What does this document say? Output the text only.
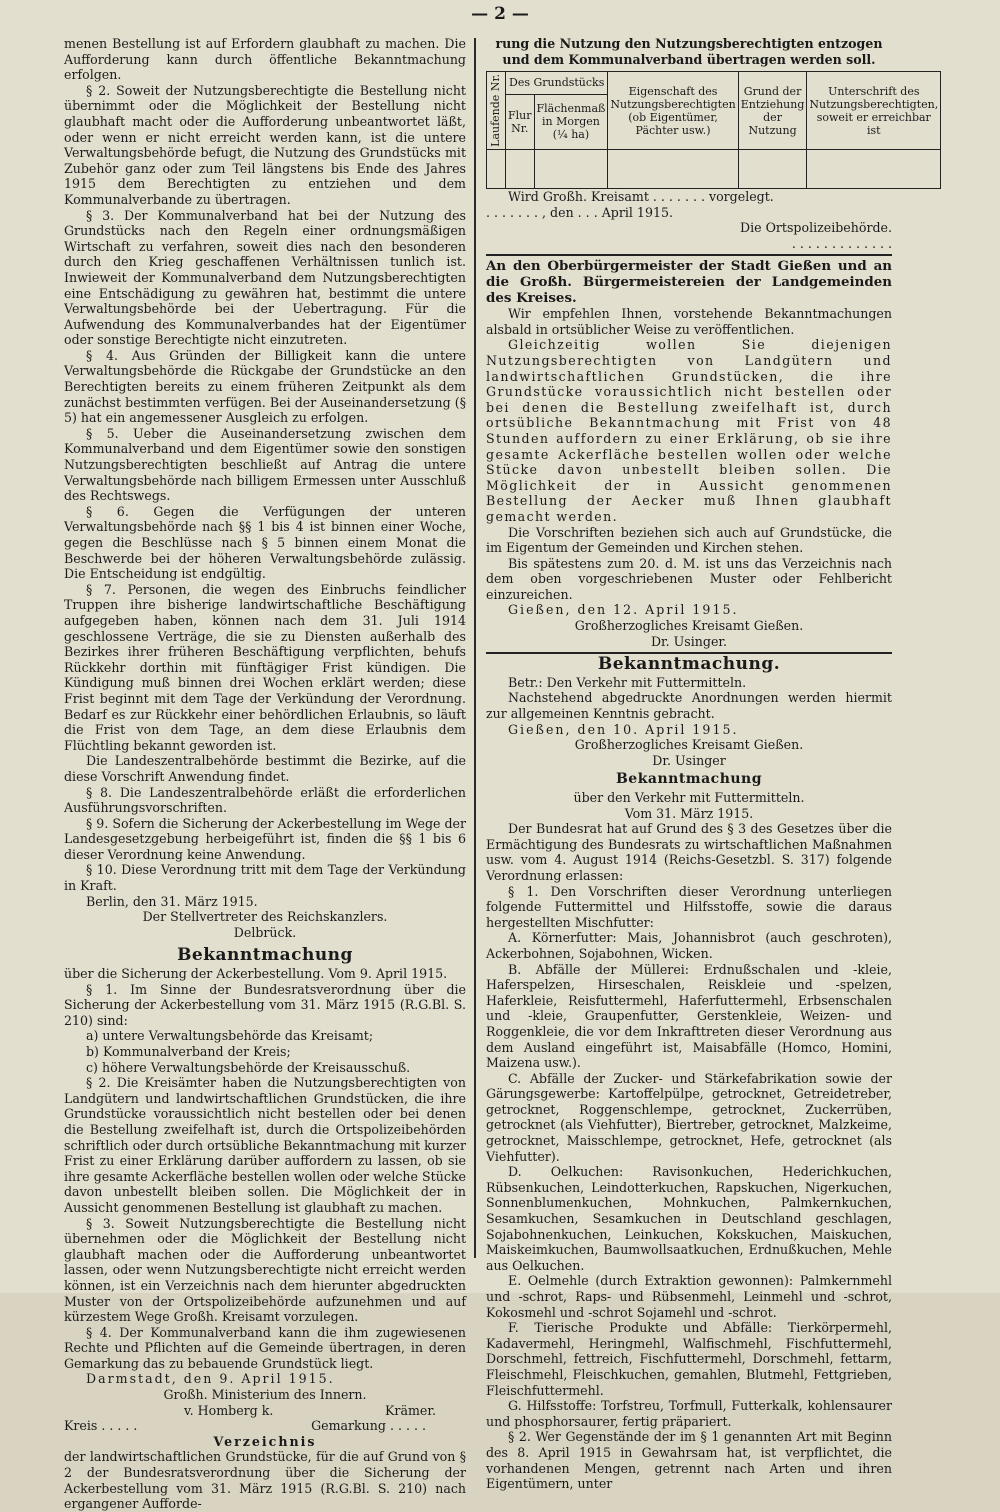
— 2 —

menen Bestellung ist auf Erfordern glaubhaft zu machen. Die Aufforderung kann durch öffentliche Bekanntmachung erfolgen.

§ 2. Soweit der Nutzungsberechtigte die Bestellung nicht übernimmt oder die Möglichkeit der Bestellung nicht glaubhaft macht oder die Aufforderung unbeantwortet läßt, oder wenn er nicht erreicht werden kann, ist die untere Verwaltungsbehörde befugt, die Nutzung des Grundstücks mit Zubehör ganz oder zum Teil längstens bis Ende des Jahres 1915 dem Berechtigten zu entziehen und dem Kommunalverbande zu übertragen.

§ 3. Der Kommunalverband hat bei der Nutzung des Grundstücks nach den Regeln einer ordnungsmäßigen Wirtschaft zu verfahren, soweit dies nach den besonderen durch den Krieg geschaffenen Verhältnissen tunlich ist. Inwieweit der Kommunalverband dem Nutzungsberechtigten eine Entschädigung zu gewähren hat, bestimmt die untere Verwaltungsbehörde bei der Uebertragung. Für die Aufwendung des Kommunalverbandes hat der Eigentümer oder sonstige Berechtigte nicht einzutreten.

§ 4. Aus Gründen der Billigkeit kann die untere Verwaltungsbehörde die Rückgabe der Grundstücke an den Berechtigten bereits zu einem früheren Zeitpunkt als dem zunächst bestimmten verfügen. Bei der Auseinandersetzung (§ 5) hat ein angemessener Ausgleich zu erfolgen.

§ 5. Ueber die Auseinandersetzung zwischen dem Kommunalverband und dem Eigentümer sowie den sonstigen Nutzungsberechtigten beschließt auf Antrag die untere Verwaltungsbehörde nach billigem Ermessen unter Ausschluß des Rechtswegs.

§ 6. Gegen die Verfügungen der unteren Verwaltungsbehörde nach §§ 1 bis 4 ist binnen einer Woche, gegen die Beschlüsse nach § 5 binnen einem Monat die Beschwerde bei der höheren Verwaltungsbehörde zulässig. Die Entscheidung ist endgültig.

§ 7. Personen, die wegen des Einbruchs feindlicher Truppen ihre bisherige landwirtschaftliche Beschäftigung aufgegeben haben, können nach dem 31. Juli 1914 geschlossene Verträge, die sie zu Diensten außerhalb des Bezirkes ihrer früheren Beschäftigung verpflichten, behufs Rückkehr dorthin mit fünftägiger Frist kündigen. Die Kündigung muß binnen drei Wochen erklärt werden; diese Frist beginnt mit dem Tage der Verkündung der Verordnung. Bedarf es zur Rückkehr einer behördlichen Erlaubnis, so läuft die Frist von dem Tage, an dem diese Erlaubnis dem Flüchtling bekannt geworden ist.

Die Landeszentralbehörde bestimmt die Bezirke, auf die diese Vorschrift Anwendung findet.

§ 8. Die Landeszentralbehörde erläßt die erforderlichen Ausführungsvorschriften.

§ 9. Sofern die Sicherung der Ackerbestellung im Wege der Landesgesetzgebung herbeigeführt ist, finden die §§ 1 bis 6 dieser Verordnung keine Anwendung.

§ 10. Diese Verordnung tritt mit dem Tage der Verkündung in Kraft.

Berlin, den 31. März 1915.

Der Stellvertreter des Reichskanzlers.

Delbrück.

Bekanntmachung

über die Sicherung der Ackerbestellung. Vom 9. April 1915.

§ 1. Im Sinne der Bundesratsverordnung über die Sicherung der Ackerbestellung vom 31. März 1915 (R.G.Bl. S. 210) sind:

a) untere Verwaltungsbehörde das Kreisamt;

b) Kommunalverband der Kreis;

c) höhere Verwaltungsbehörde der Kreisausschuß.

§ 2. Die Kreisämter haben die Nutzungsberechtigten von Landgütern und landwirtschaftlichen Grundstücken, die ihre Grundstücke voraussichtlich nicht bestellen oder bei denen die Bestellung zweifelhaft ist, durch die Ortspolizeibehörden schriftlich oder durch ortsübliche Bekanntmachung mit kurzer Frist zu einer Erklärung darüber auffordern zu lassen, ob sie ihre gesamte Ackerfläche bestellen wollen oder welche Stücke davon unbestellt bleiben sollen. Die Möglichkeit der in Aussicht genommenen Bestellung ist glaubhaft zu machen.

§ 3. Soweit Nutzungsberechtigte die Bestellung nicht übernehmen oder die Möglichkeit der Bestellung nicht glaubhaft machen oder die Aufforderung unbeantwortet lassen, oder wenn Nutzungsberechtigte nicht erreicht werden können, ist ein Verzeichnis nach dem hierunter abgedruckten Muster von der Ortspolizeibehörde aufzunehmen und auf kürzestem Wege Großh. Kreisamt vorzulegen.

§ 4. Der Kommunalverband kann die ihm zugewiesenen Rechte und Pflichten auf die Gemeinde übertragen, in deren Gemarkung das zu bebauende Grundstück liegt.

Darmstadt, den 9. April 1915.

Großh. Ministerium des Innern.

v. Homberg k.	Krämer.

Kreis . . . . .	Gemarkung . . . . .

Verzeichnis

der landwirtschaftlichen Grundstücke, für die auf Grund von § 2 der Bundesratsverordnung über die Sicherung der Ackerbestellung vom 31. März 1915 (R.G.Bl. S. 210) nach ergangener Auffordе-

rung die Nutzung den Nutzungsberechtigten entzogen und dem Kommunalverband übertragen werden soll.

Laufende Nr.	Des Grundstücks		Eigenschaft des Nutzungsberechtigten (ob Eigentümer, Pächter usw.)	Grund der Entziehung der Nutzung	Unterschrift des Nutzungsberechtigten, soweit er erreichbar ist
	Flur Nr.	Flächenmaß in Morgen (¼ ha)			

Wird Großh. Kreisamt . . . . . . . vorgelegt.

. . . . . . . , den . . . April 1915.

Die Ortspolizeibehörde.

. . . . . . . . . . . . .

An den Oberbürgermeister der Stadt Gießen und an die Großh. Bürgermeistereien der Landgemeinden des Kreises.

Wir empfehlen Ihnen, vorstehende Bekanntmachungen alsbald in ortsüblicher Weise zu veröffentlichen.

Gleichzeitig wollen Sie diejenigen Nutzungsberechtigten von Landgütern und landwirtschaftlichen Grundstücken, die ihre Grundstücke voraussichtlich nicht bestellen oder bei denen die Bestellung zweifelhaft ist, durch ortsübliche Bekanntmachung mit Frist von 48 Stunden auffordern zu einer Erklärung, ob sie ihre gesamte Ackerfläche bestellen wollen oder welche Stücke davon unbestellt bleiben sollen. Die Möglichkeit der in Aussicht genommenen Bestellung der Aecker muß Ihnen glaubhaft gemacht werden.

Die Vorschriften beziehen sich auch auf Grundstücke, die im Eigentum der Gemeinden und Kirchen stehen.

Bis spätestens zum 20. d. M. ist uns das Verzeichnis nach dem oben vorgeschriebenen Muster oder Fehlbericht einzureichen.

Gießen, den 12. April 1915.

Großherzogliches Kreisamt Gießen.

Dr. Usinger.

Bekanntmachung.

Betr.: Den Verkehr mit Futtermitteln.

Nachstehend abgedruckte Anordnungen werden hiermit zur allgemeinen Kenntnis gebracht.

Gießen, den 10. April 1915.

Großherzogliches Kreisamt Gießen.

Dr. Usinger

Bekanntmachung

über den Verkehr mit Futtermitteln.

Vom 31. März 1915.

Der Bundesrat hat auf Grund des § 3 des Gesetzes über die Ermächtigung des Bundesrats zu wirtschaftlichen Maßnahmen usw. vom 4. August 1914 (Reichs-Gesetzbl. S. 317) folgende Verordnung erlassen:

§ 1. Den Vorschriften dieser Verordnung unterliegen folgende Futtermittel und Hilfsstoffe, sowie die daraus hergestellten Mischfutter:

A. Körnerfutter: Mais, Johannisbrot (auch geschroten), Ackerbohnen, Sojabohnen, Wicken.

B. Abfälle der Müllerei: Erdnußschalen und -kleie, Haferspelzen, Hirseschalen, Reiskleie und -spelzen, Haferkleie, Reisfuttermehl, Haferfuttermehl, Erbsenschalen und -kleie, Graupenfutter, Gerstenkleie, Weizen- und Roggenkleie, die vor dem Inkrafttreten dieser Verordnung aus dem Ausland eingeführt ist, Maisabfälle (Homco, Homini, Maizena usw.).

C. Abfälle der Zucker- und Stärkefabrikation sowie der Gärungsgewerbe: Kartoffelpülpe, getrocknet, Getreidetreber, getrocknet, Roggenschlempe, getrocknet, Zuckerrüben, getrocknet (als Viehfutter), Biertreber, getrocknet, Malzkeime, getrocknet, Maisschlempe, getrocknet, Hefe, getrocknet (als Viehfutter).

D. Oelkuchen: Ravisonkuchen, Hederichkuchen, Rübsenkuchen, Leindotterkuchen, Rapskuchen, Nigerkuchen, Sonnenblumenkuchen, Mohnkuchen, Palmkernkuchen, Sesamkuchen, Sesamkuchen in Deutschland geschlagen, Sojabohnenkuchen, Leinkuchen, Kokskuchen, Maiskuchen, Maiskeimkuchen, Baumwollsaatkuchen, Erdnußkuchen, Mehle aus Oelkuchen.

E. Oelmehle (durch Extraktion gewonnen): Palmkernmehl und -schrot, Raps- und Rübsenmehl, Leinmehl und -schrot, Kokosmehl und -schrot Sojamehl und -schrot.

F. Tierische Produkte und Abfälle: Tierkörpermehl, Kadavermehl, Heringmehl, Walfischmehl, Fischfuttermehl, Dorschmehl, fettreich, Fischfuttermehl, Dorschmehl, fettarm, Fleischmehl, Fleischkuchen, gemahlen, Blutmehl, Fettgrieben, Fleischfuttermehl.

G. Hilfsstoffe: Torfstreu, Torfmull, Futterkalk, kohlensaurer und phosphorsaurer, fertig präpariert.

§ 2. Wer Gegenstände der im § 1 genannten Art mit Beginn des 8. April 1915 in Gewahrsam hat, ist verpflichtet, die vorhandenen Mengen, getrennt nach Arten und ihren Eigentümern, unter
